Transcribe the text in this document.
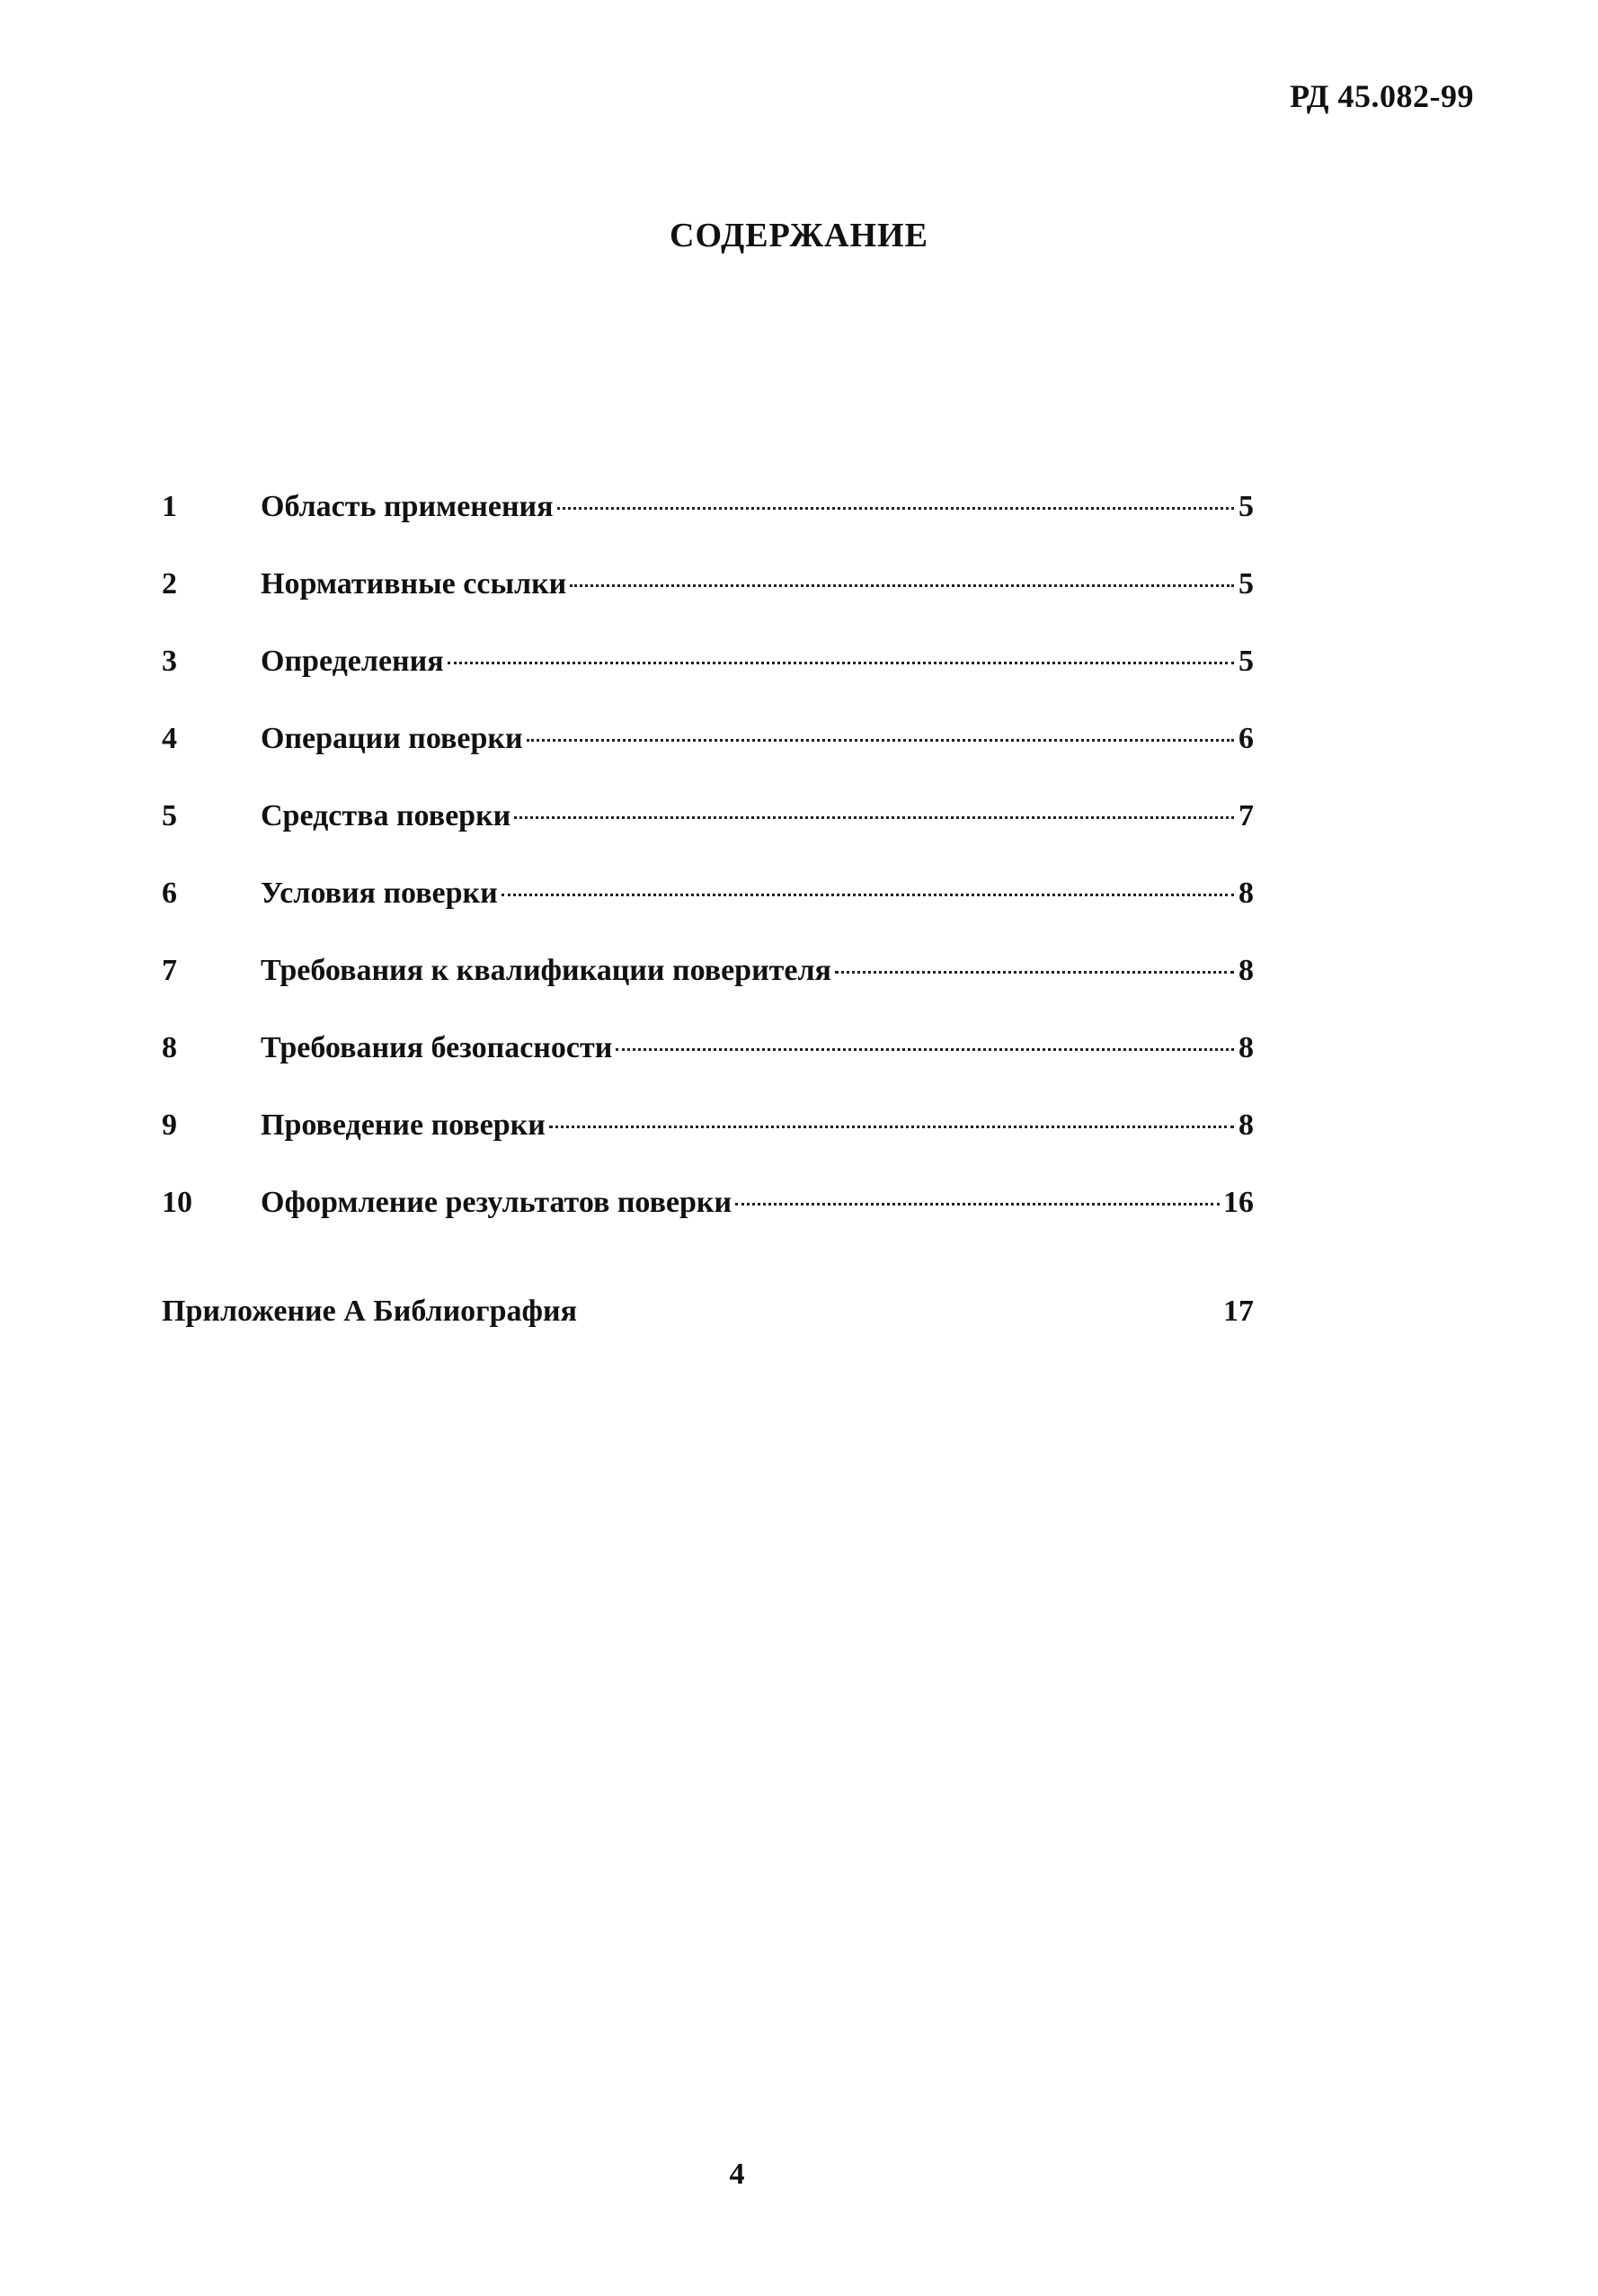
РД 45.082-99
СОДЕРЖАНИЕ
1	Область применения	5
2	Нормативные ссылки	5
3	Определения	5
4	Операции поверки	6
5	Средства поверки	7
6	Условия поверки	8
7	Требования к квалификации поверителя	8
8	Требования безопасности	8
9	Проведение поверки	8
10	Оформление результатов поверки	16
Приложение А Библиография	17
4
